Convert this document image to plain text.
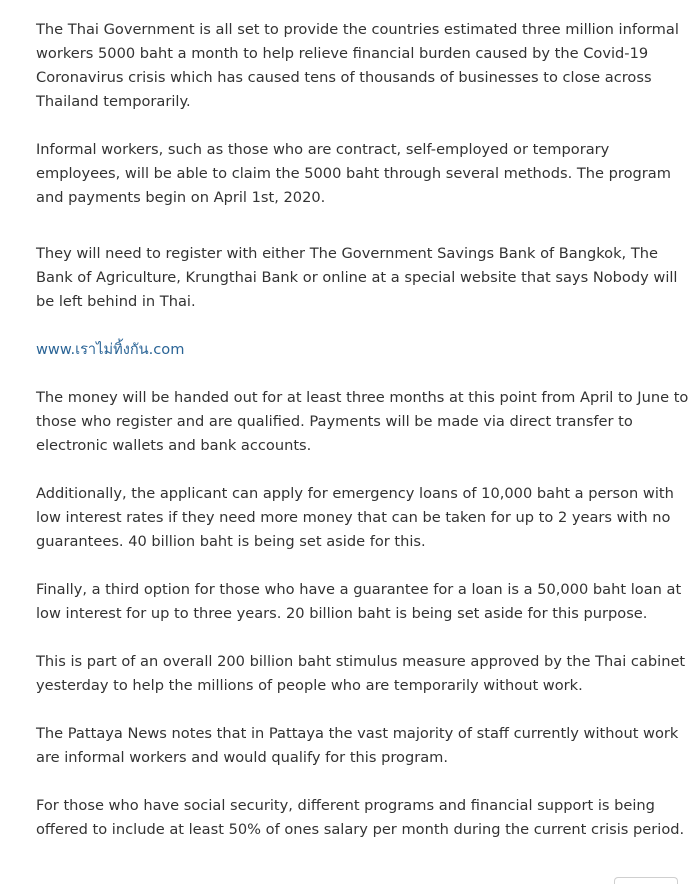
The Thai Government is all set to provide the countries estimated three million informal workers 5000 baht a month to help relieve financial burden caused by the Covid-19 Coronavirus crisis which has caused tens of thousands of businesses to close across Thailand temporarily.

Informal workers, such as those who are contract, self-employed or temporary employees, will be able to claim the 5000 baht through several methods. The program and payments begin on April 1st, 2020.

They will need to register with either The Government Savings Bank of Bangkok, The Bank of Agriculture, Krungthai Bank or online at a special website that says Nobody will be left behind in Thai.

www.เราไม่ทิ้งกัน.com

The money will be handed out for at least three months at this point from April to June to those who register and are qualified. Payments will be made via direct transfer to electronic wallets and bank accounts.

Additionally, the applicant can apply for emergency loans of 10,000 baht a person with low interest rates if they need more money that can be taken for up to 2 years with no guarantees. 40 billion baht is being set aside for this.

Finally, a third option for those who have a guarantee for a loan is a 50,000 baht loan at low interest for up to three years. 20 billion baht is being set aside for this purpose.

This is part of an overall 200 billion baht stimulus measure approved by the Thai cabinet yesterday to help the millions of people who are temporarily without work.

The Pattaya News notes that in Pattaya the vast majority of staff currently without work are informal workers and would qualify for this program.

For those who have social security, different programs and financial support is being offered to include at least 50% of ones salary per month during the current crisis period.
